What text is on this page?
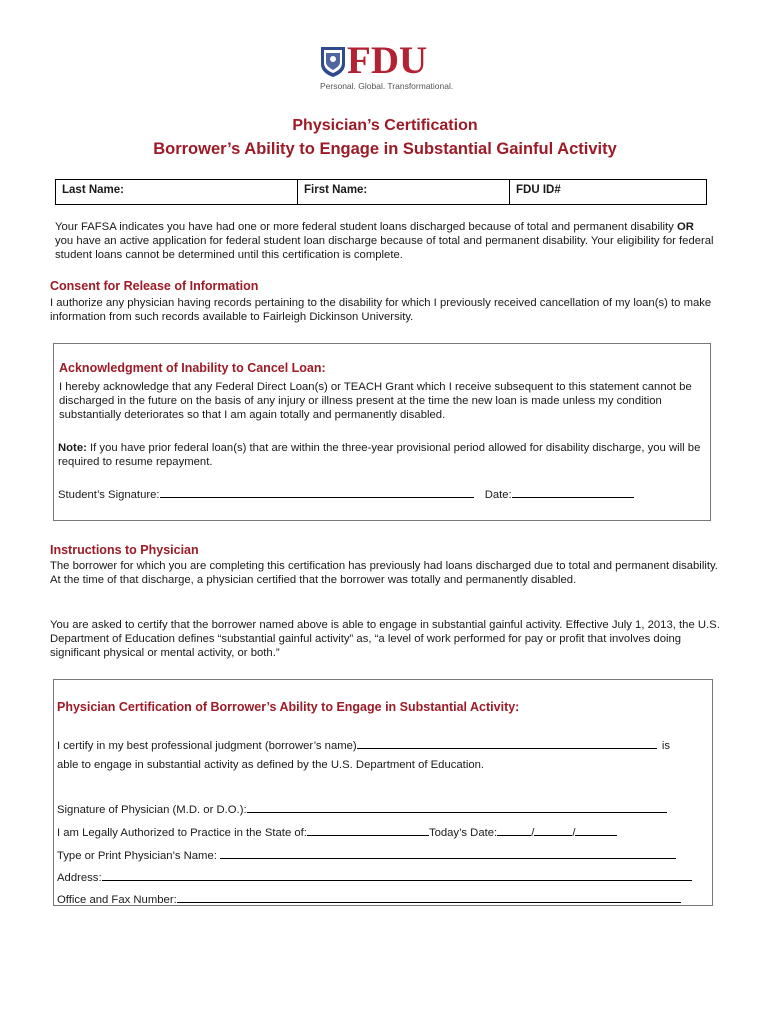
FDU
Personal. Global. Transformational.
Physician’s Certification
Borrower’s Ability to Engage in Substantial Gainful Activity
Last Name:	First Name:	FDU ID#
Your FAFSA indicates you have had one or more federal student loans discharged because of total and permanent disability OR you have an active application for federal student loan discharge because of total and permanent disability. Your eligibility for federal student loans cannot be determined until this certification is complete.
Consent for Release of Information
I authorize any physician having records pertaining to the disability for which I previously received cancellation of my loan(s) to make information from such records available to Fairleigh Dickinson University.
Acknowledgment of Inability to Cancel Loan:
I hereby acknowledge that any Federal Direct Loan(s) or TEACH Grant which I receive subsequent to this statement cannot be discharged in the future on the basis of any injury or illness present at the time the new loan is made unless my condition substantially deteriorates so that I am again totally and permanently disabled.
Note: If you have prior federal loan(s) that are within the three-year provisional period allowed for disability discharge, you will be required to resume repayment.
Student’s Signature:	Date:
Instructions to Physician
The borrower for which you are completing this certification has previously had loans discharged due to total and permanent disability. At the time of that discharge, a physician certified that the borrower was totally and permanently disabled.
You are asked to certify that the borrower named above is able to engage in substantial gainful activity. Effective July 1, 2013, the U.S. Department of Education defines “substantial gainful activity” as, “a level of work performed for pay or profit that involves doing significant physical or mental activity, or both.”
Physician Certification of Borrower’s Ability to Engage in Substantial Activity:
I certify in my best professional judgment (borrower’s name)	is
able to engage in substantial activity as defined by the U.S. Department of Education.
Signature of Physician (M.D. or D.O.):
I am Legally Authorized to Practice in the State of:	Today’s Date:	/	/
Type or Print Physician’s Name:
Address:
Office and Fax Number:
